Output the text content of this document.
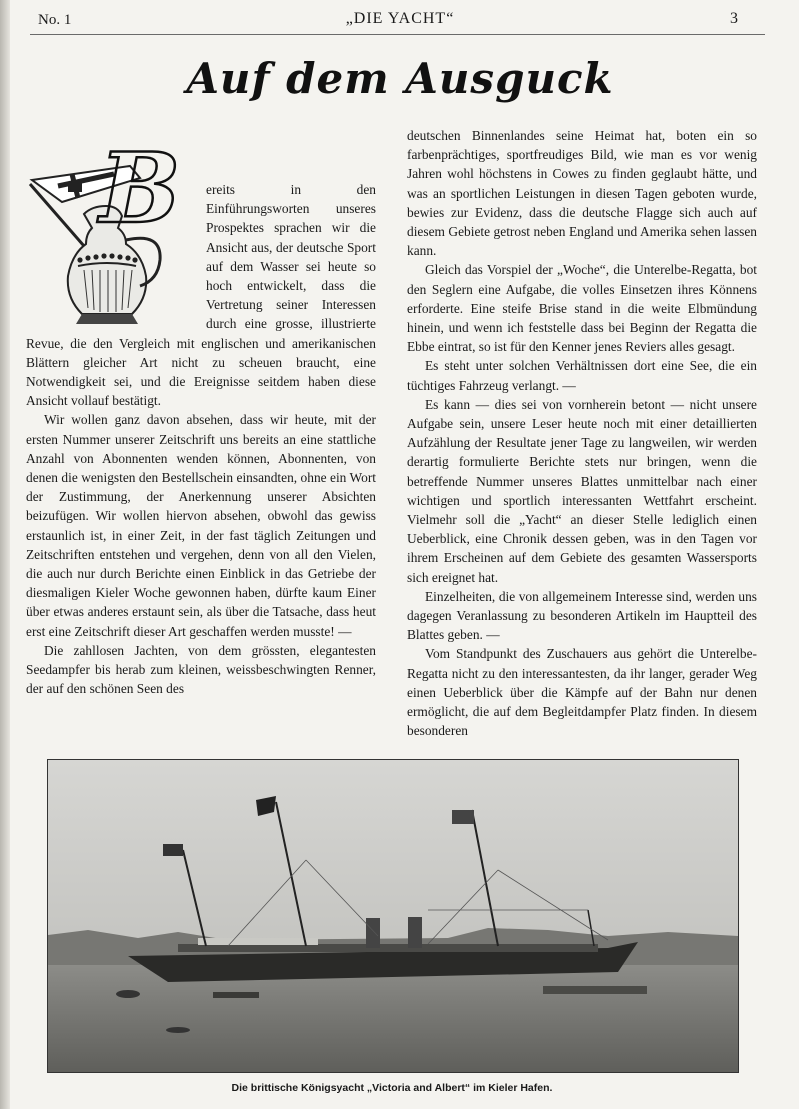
No. 1	„DIE YACHT“	3
Auf dem Ausguck
B	ereits in den Einführungsworten unseres Prospektes sprachen wir die Ansicht aus, der deutsche Sport auf dem Wasser sei heute so hoch entwickelt, dass die Vertretung seiner Interessen durch eine grosse, illustrierte Revue, die den Vergleich mit englischen und amerikanischen Blättern gleicher Art nicht zu scheuen braucht, eine Notwendigkeit sei, und die Ereignisse seitdem haben diese Ansicht vollauf bestätigt.

Wir wollen ganz davon absehen, dass wir heute, mit der ersten Nummer unserer Zeitschrift uns bereits an eine stattliche Anzahl von Abonnenten wenden können, Abonnenten, von denen die wenigsten den Bestellschein einsandten, ohne ein Wort der Zustimmung, der Anerkennung unserer Absichten beizufügen. Wir wollen hiervon absehen, obwohl das gewiss erstaunlich ist, in einer Zeit, in der fast täglich Zeitungen und Zeitschriften entstehen und vergehen, denn von all den Vielen, die auch nur durch Berichte einen Einblick in das Getriebe der diesmaligen Kieler Woche gewonnen haben, dürfte kaum Einer über etwas anderes erstaunt sein, als über die Tatsache, dass heut erst eine Zeitschrift dieser Art geschaffen werden musste! —

Die zahllosen Jachten, von dem grössten, elegantesten Seedampfer bis herab zum kleinen, weissbeschwingten Renner, der auf den schönen Seen des

deutschen Binnenlandes seine Heimat hat, boten ein so farbenprächtiges, sportfreudiges Bild, wie man es vor wenig Jahren wohl höchstens in Cowes zu finden geglaubt hätte, und was an sportlichen Leistungen in diesen Tagen geboten wurde, bewies zur Evidenz, dass die deutsche Flagge sich auch auf diesem Gebiete getrost neben England und Amerika sehen lassen kann.

Gleich das Vorspiel der „Woche“, die Unterelbe-Regatta, bot den Seglern eine Aufgabe, die volles Einsetzen ihres Könnens erforderte. Eine steife Brise stand in die weite Elbmündung hinein, und wenn ich feststelle dass bei Beginn der Regatta die Ebbe eintrat, so ist für den Kenner jenes Reviers alles gesagt.

Es steht unter solchen Verhältnissen dort eine See, die ein tüchtiges Fahrzeug verlangt. —

Es kann — dies sei von vornherein betont — nicht unsere Aufgabe sein, unsere Leser heute noch mit einer detaillierten Aufzählung der Resultate jener Tage zu langweilen, wir werden derartig formulierte Berichte stets nur bringen, wenn die betreffende Nummer unseres Blattes unmittelbar nach einer wichtigen und sportlich interessanten Wettfahrt erscheint. Vielmehr soll die „Yacht“ an dieser Stelle lediglich einen Ueberblick, eine Chronik dessen geben, was in den Tagen vor ihrem Erscheinen auf dem Gebiete des gesamten Wassersports sich ereignet hat.

Einzelheiten, die von allgemeinem Interesse sind, werden uns dagegen Veranlassung zu besonderen Artikeln im Hauptteil des Blattes geben. —

Vom Standpunkt des Zuschauers aus gehört die Unterelbe-Regatta nicht zu den interessantesten, da ihr langer, gerader Weg einen Ueberblick über die Kämpfe auf der Bahn nur denen ermöglicht, die auf dem Begleitdampfer Platz finden. In diesem besonderen

Die brittische Königsyacht „Victoria and Albert“ im Kieler Hafen.
